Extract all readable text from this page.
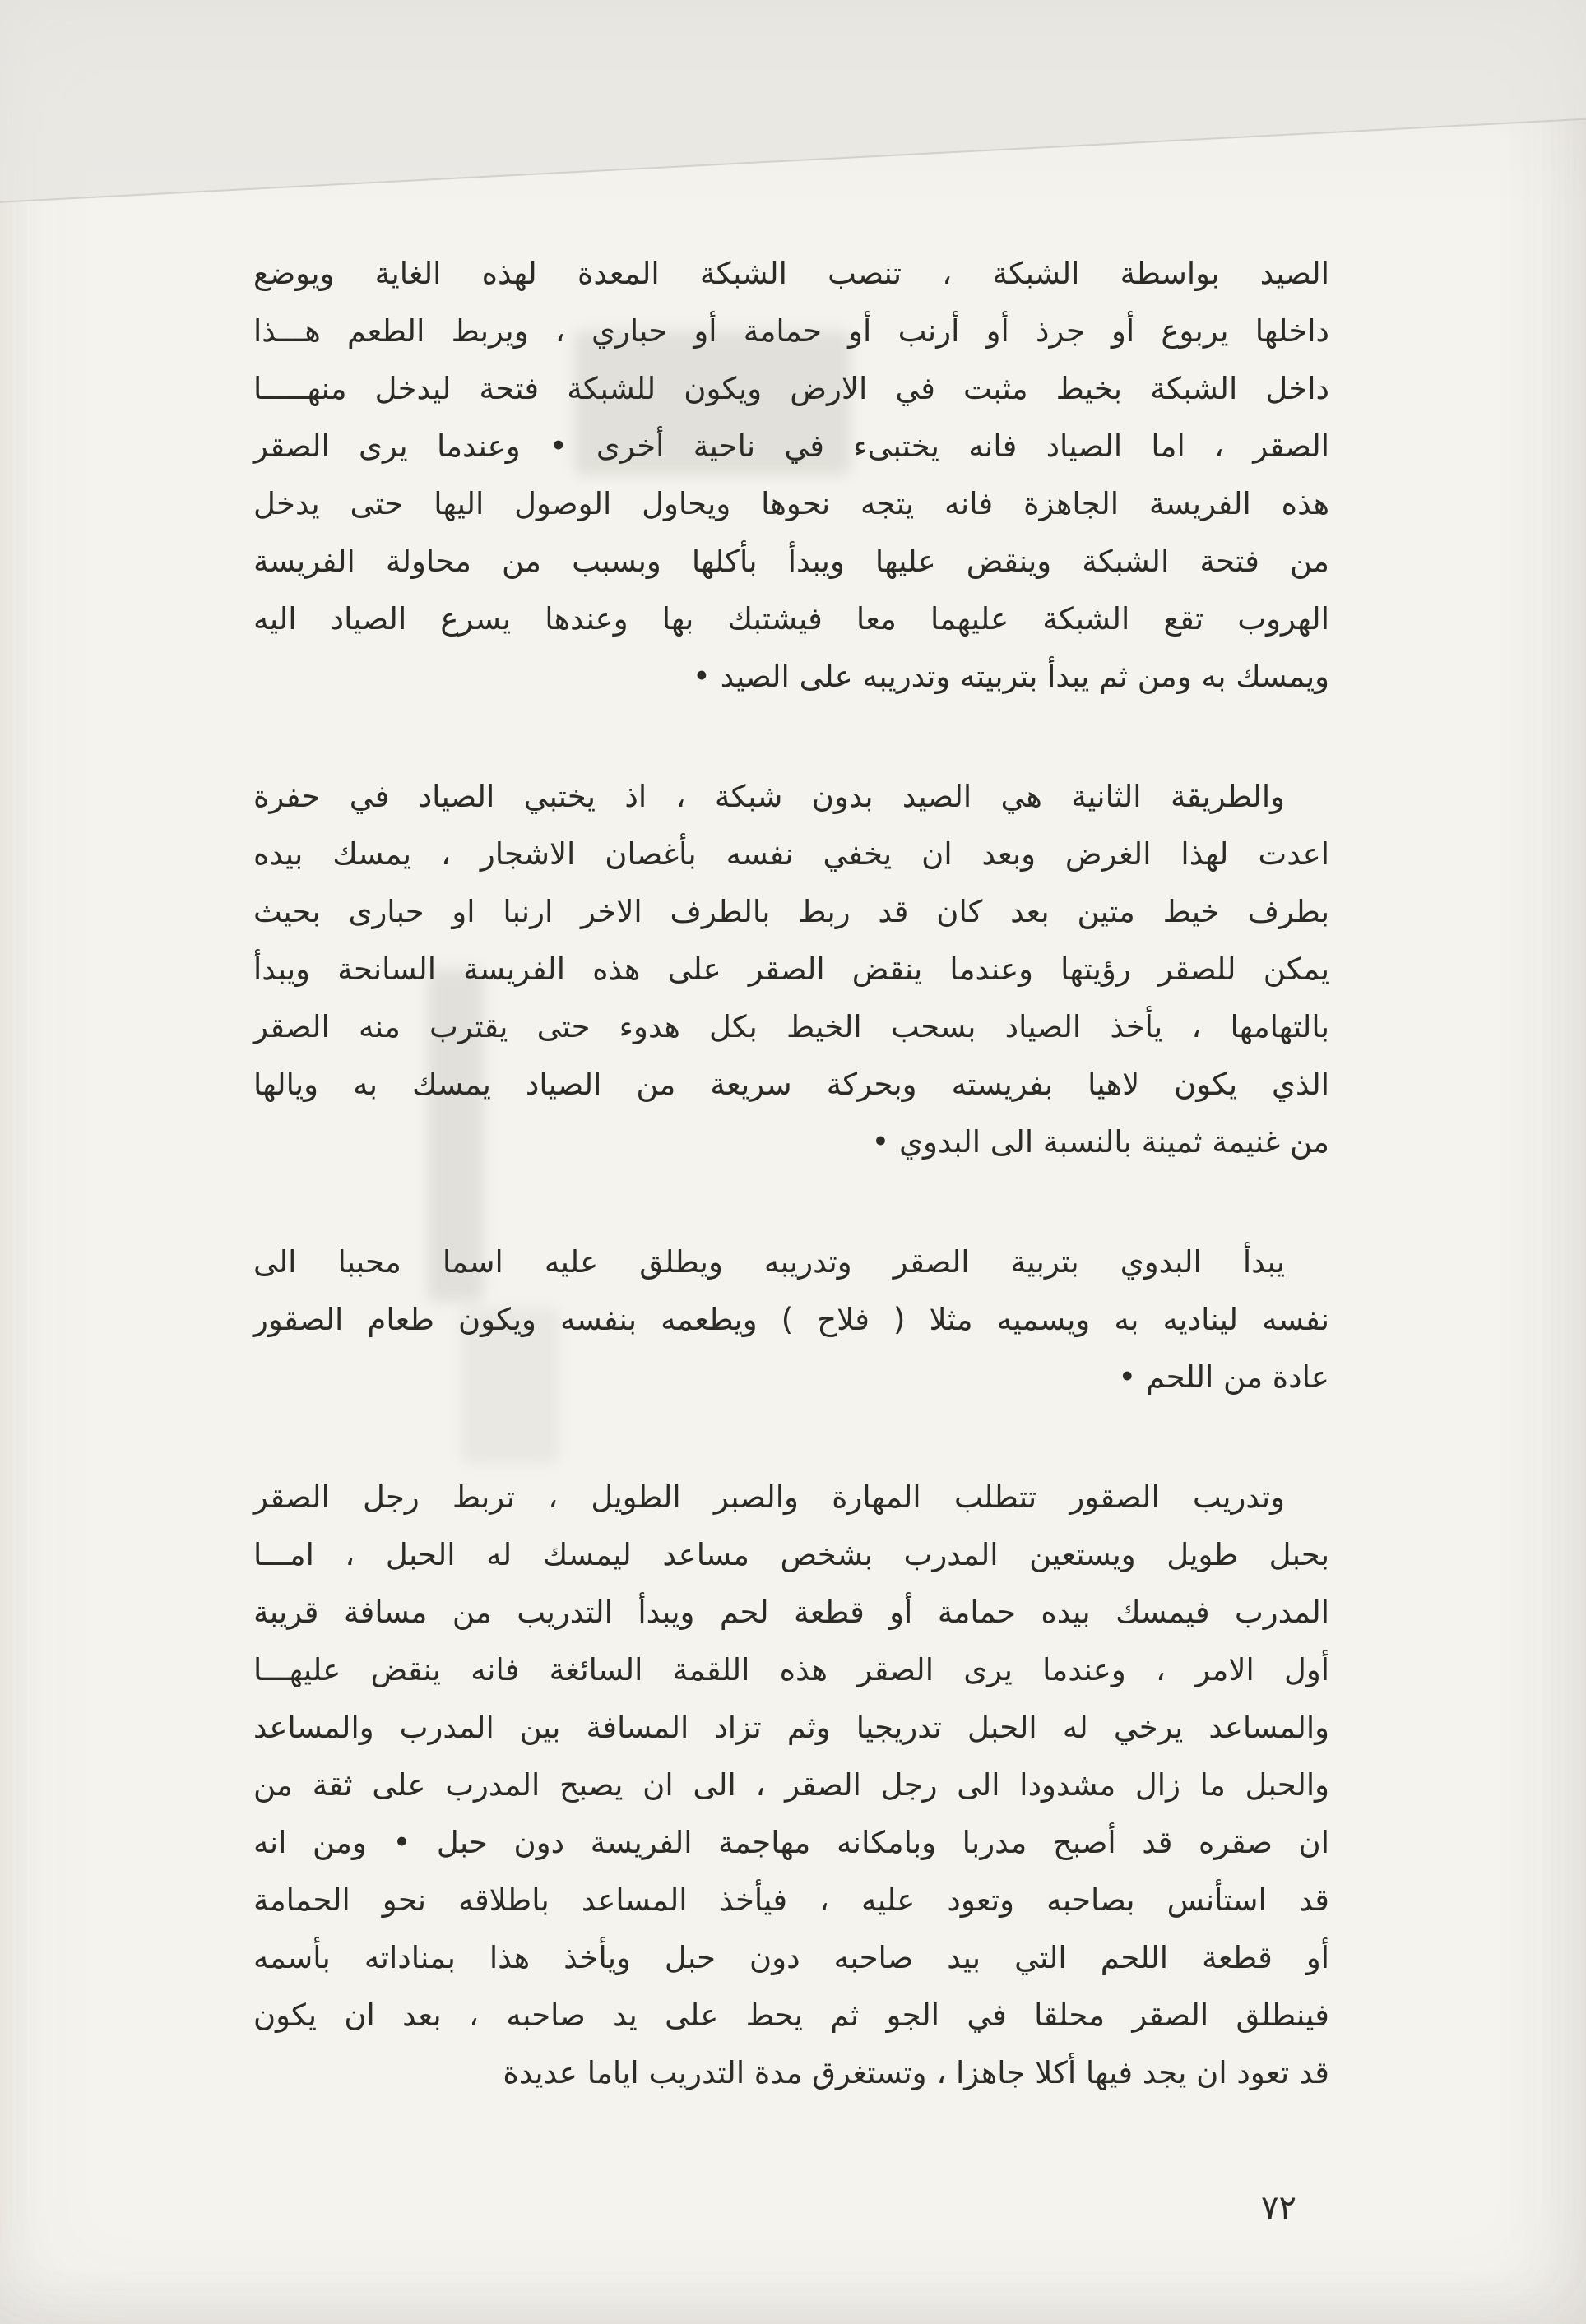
الصيد بواسطة الشبكة ، تنصب الشبكة المعدة لهذه الغاية ويوضع
داخلها يربوع أو جرذ أو أرنب أو حمامة أو حباري ، ويربط الطعم هـــذا
داخل الشبكة بخيط مثبت في الارض ويكون للشبكة فتحة ليدخل منهـــــا
الصقر ، اما الصياد فانه يختبىء في ناحية أخرى • وعندما يرى الصقر
هذه الفريسة الجاهزة فانه يتجه نحوها ويحاول الوصول اليها حتى يدخل
من فتحة الشبكة وينقض عليها ويبدأ بأكلها وبسبب من محاولة الفريسة
الهروب تقع الشبكة عليهما معا فيشتبك بها وعندها يسرع الصياد اليه
ويمسك به ومن ثم يبدأ بتربيته وتدريبه على الصيد •
والطريقة الثانية هي الصيد بدون شبكة ، اذ يختبي الصياد في حفرة
اعدت لهذا الغرض وبعد ان يخفي نفسه بأغصان الاشجار ، يمسك بيده
بطرف خيط متين بعد كان قد ربط بالطرف الاخر ارنبا او حبارى بحيث
يمكن للصقر رؤيتها وعندما ينقض الصقر على هذه الفريسة السانحة ويبدأ
بالتهامها ، يأخذ الصياد بسحب الخيط بكل هدوء حتى يقترب منه الصقر
الذي يكون لاهيا بفريسته وبحركة سريعة من الصياد يمسك به ويالها
من غنيمة ثمينة بالنسبة الى البدوي •
يبدأ البدوي بتربية الصقر وتدريبه ويطلق عليه اسما محببا الى
نفسه ليناديه به ويسميه مثلا ( فلاح ) ويطعمه بنفسه ويكون طعام الصقور
عادة من اللحم •
وتدريب الصقور تتطلب المهارة والصبر الطويل ، تربط رجل الصقر
بحبل طويل ويستعين المدرب بشخص مساعد ليمسك له الحبل ، امـــا
المدرب فيمسك بيده حمامة أو قطعة لحم ويبدأ التدريب من مسافة قريبة
أول الامر ، وعندما يرى الصقر هذه اللقمة السائغة فانه ينقض عليهـــا
والمساعد يرخي له الحبل تدريجيا وثم تزاد المسافة بين المدرب والمساعد
والحبل ما زال مشدودا الى رجل الصقر ، الى ان يصبح المدرب على ثقة من
ان صقره قد أصبح مدربا وبامكانه مهاجمة الفريسة دون حبل • ومن انه
قد استأنس بصاحبه وتعود عليه ، فيأخذ المساعد باطلاقه نحو الحمامة
أو قطعة اللحم التي بيد صاحبه دون حبل ويأخذ هذا بمناداته بأسمه
فينطلق الصقر محلقا في الجو ثم يحط على يد صاحبه ، بعد ان يكون
قد تعود ان يجد فيها أكلا جاهزا ، وتستغرق مدة التدريب اياما عديدة
٧٢
